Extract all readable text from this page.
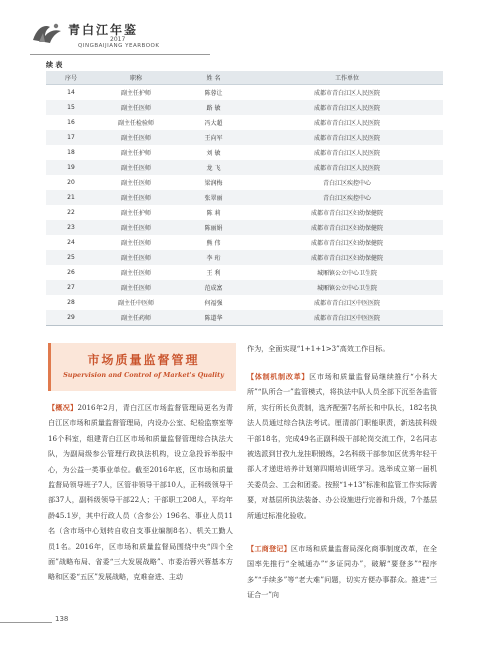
青白江年鉴
2017
QINGBAIJIANG YEARBOOK
续 表
序号	职称	姓 名	工作单位
14	副主任护师	陈蓉让	成都市青白江区人民医院
15	副主任医师	路 敏	成都市青白江区人民医院
16	副主任检验师	冯大超	成都市青白江区人民医院
17	副主任医师	王向军	成都市青白江区人民医院
18	副主任护师	刘 敏	成都市青白江区人民医院
19	副主任医师	龙 飞	成都市青白江区人民医院
20	副主任医师	梁润梅	青白江区疾控中心
21	副主任医师	张翠丽	青白江区疾控中心
22	副主任护师	陈 莉	成都市青白江区妇幼保健院
23	副主任医师	陈丽娟	成都市青白江区妇幼保健院
24	副主任医师	熊 伟	成都市青白江区妇幼保健院
25	副主任医师	李 珩	成都市青白江区妇幼保健院
26	副主任医师	王 利	城厢镇公立中心卫生院
27	副主任医师	范成富	城厢镇公立中心卫生院
28	副主任中医师	何福强	成都市青白江区中医医院
29	副主任药师	陈道华	成都市青白江区中医医院
市场质量监督管理
Supervision and Control of Market's Quality

【概况】2016年2月，青白江区市场监督管理局更名为青白江区市场和质量监督管理局，内设办公室、纪检监察室等16个科室，组建青白江区市场和质量监督管理综合执法大队，为副局级参公管理行政执法机构，设立急投诉举报中心，为公益一类事业单位。截至2016年底，区市场和质量监督局领导班子7人，区管非领导干部10人，正科级领导干部37人，副科级领导干部22人；干部职工208人，平均年龄45.1岁，其中行政人员（含参公）196名、事业人员11名（含市场中心划转自收自支事业编制8名）、机关工勤人员1名。2016年，区市场和质量监督局围绕中央“四个全面”战略布局、省委“三大发展战略”、市委治蓉兴蓉基本方略和区委“五区”发展战略，克难奋进、主动

作为，全面实现“1+1+1>3”高效工作目标。

【体制机制改革】区市场和质量监督局继续推行“小科大所”“队所合一”监管模式，将执法中队人员全部下沉至各监管所，实行所长负责制，选齐配强7名所长和中队长，182名执法人员通过综合执法考试。厘清部门职能职责，新选拔科级干部18名，完成49名正副科级干部轮岗交流工作，2名同志被选派到甘孜九龙挂职锻炼，2名科级干部参加区优秀年轻干部人才递进培养计划第四期培训班学习。选举成立第一届机关委员会、工会和团委。按照“1+13”标准和监管工作实际需要，对基层所执法装备、办公设施进行完善和升级，7个基层所通过标准化验收。

【工商登记】区市场和质量监督局深化商事制度改革，在全国率先推行“全城通办”“多证同办”，破解“要登多”“程序多”“手续多”等“老大难”问题，切实方便办事群众。推进“三证合一”向

138
